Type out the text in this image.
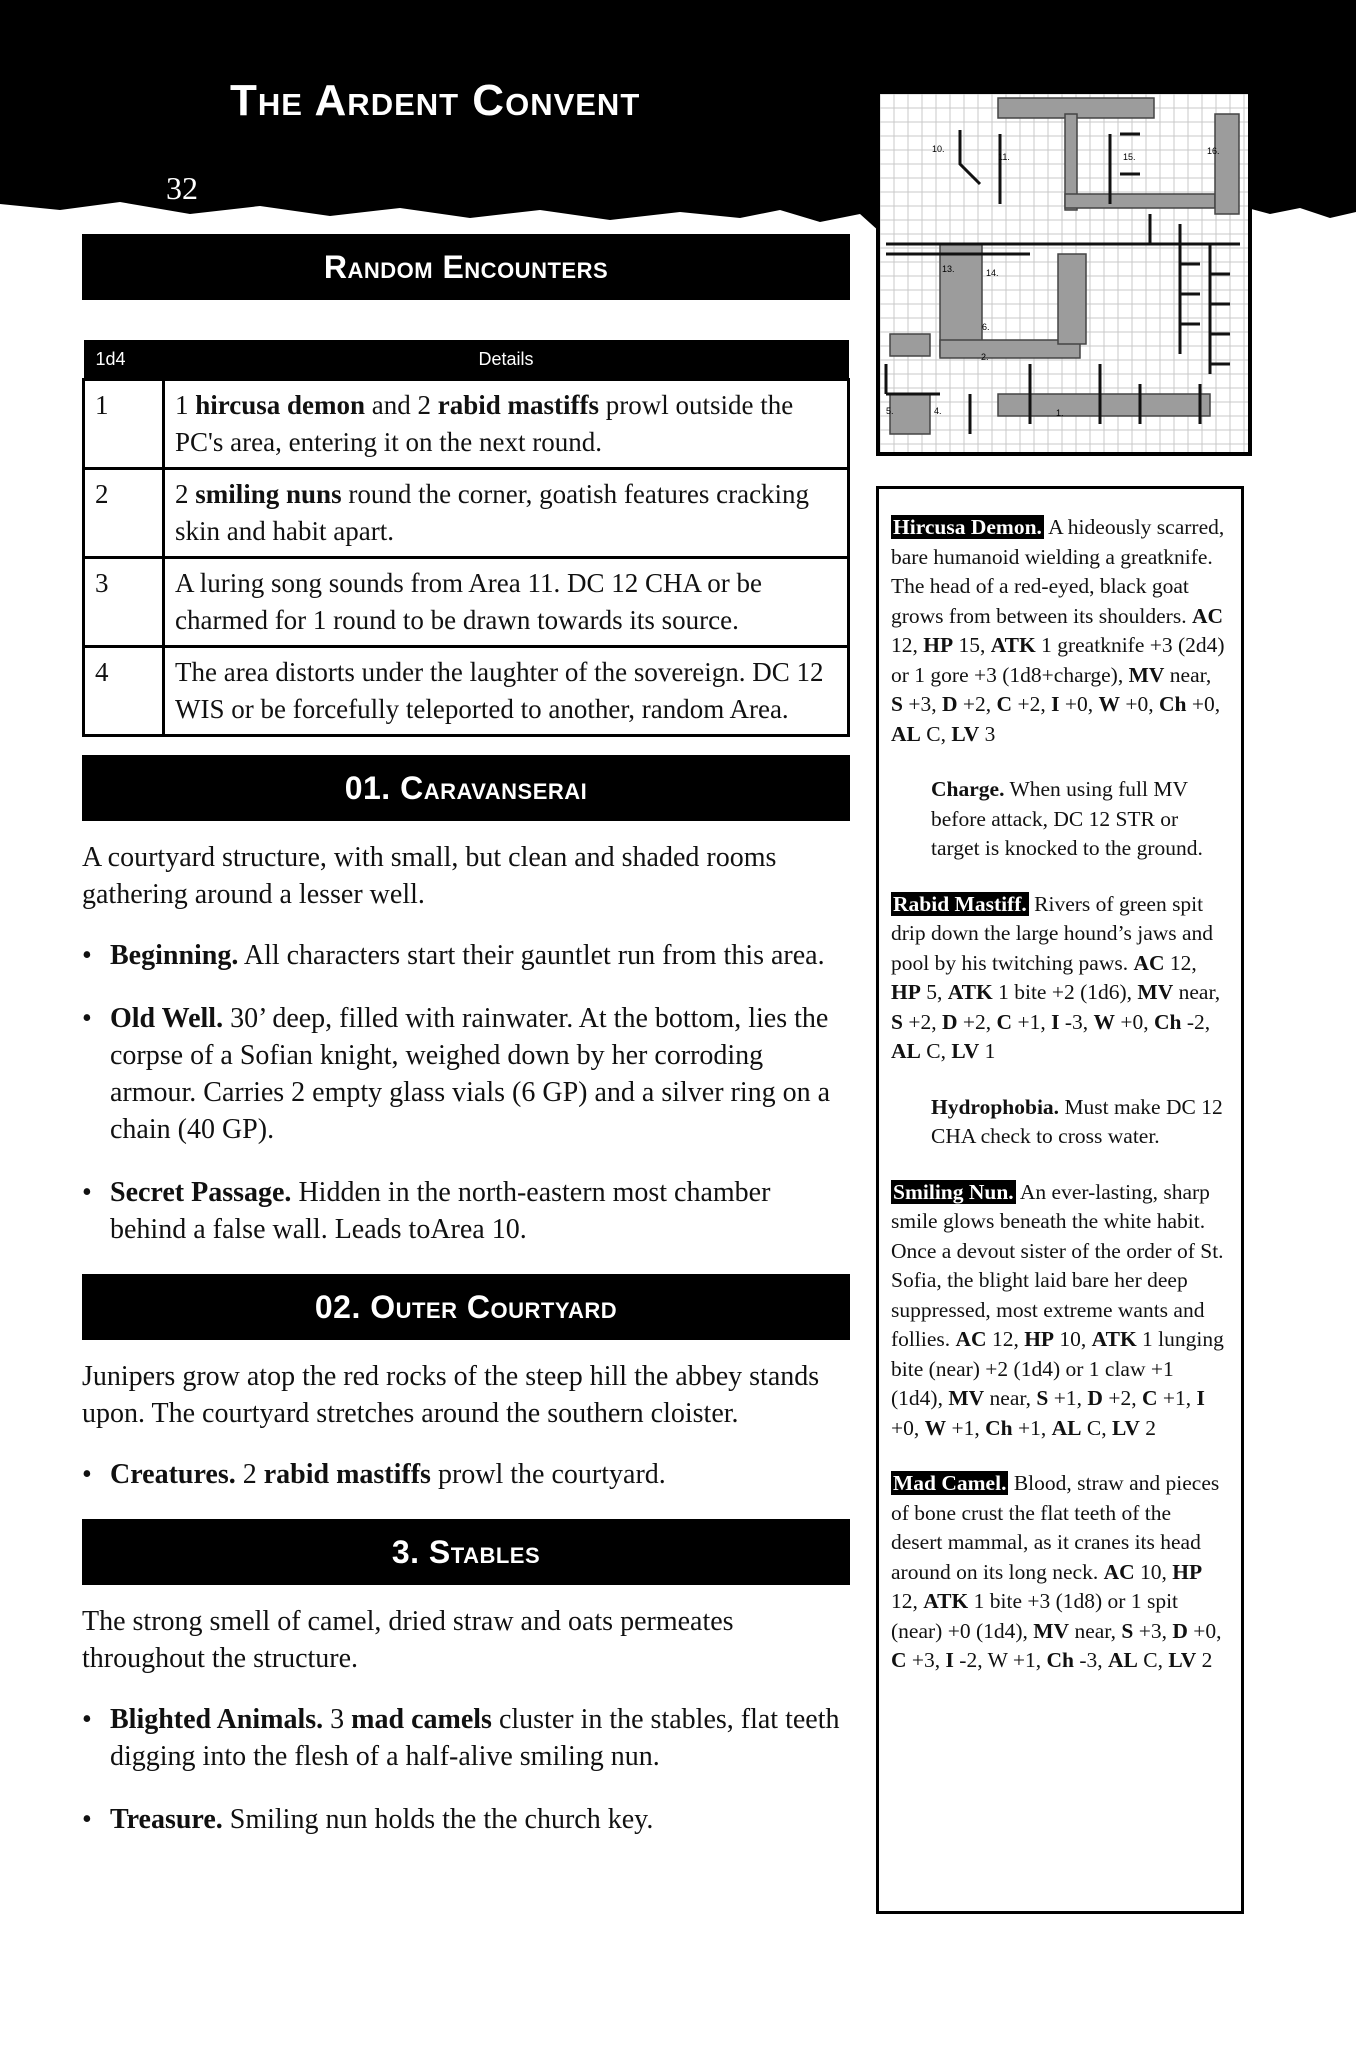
The Ardent Convent
32
10.
11.	15.
16.
13.	14.
6.
2.
4.	1.
5.
Random Encounters
1d4	Details
1	1 hircusa demon and 2 rabid mastiffs prowl outside the PC's area, entering it on the next round.
2	2 smiling nuns round the corner, goatish features cracking skin and habit apart.
3	A luring song sounds from Area 11. DC 12 CHA or be charmed for 1 round to be drawn towards its source.
4	The area distorts under the laughter of the sovereign. DC 12 WIS or be forcefully teleported to another, random Area.
01. Caravanserai

A courtyard structure, with small, but clean and shaded rooms gathering around a lesser well.

• Beginning. All characters start their gauntlet run from this area.
• Old Well. 30’ deep, filled with rainwater. At the bottom, lies the corpse of a Sofian knight, weighed down by her corroding armour. Carries 2 empty glass vials (6 GP) and a silver ring on a chain (40 GP).
• Secret Passage. Hidden in the north-eastern most chamber behind a false wall. Leads toArea 10.
02. Outer Courtyard

Junipers grow atop the red rocks of the steep hill the abbey stands upon. The courtyard stretches around the southern cloister.

• Creatures. 2 rabid mastiffs prowl the courtyard.
3. Stables

The strong smell of camel, dried straw and oats permeates throughout the structure.

• Blighted Animals. 3 mad camels cluster in the stables, flat teeth digging into the flesh of a half-alive smiling nun.
• Treasure. Smiling nun holds the the church key.
Hircusa Demon. A hideously scarred, bare humanoid wielding a greatknife. The head of a red-eyed, black goat grows from between its shoulders. AC 12, HP 15, ATK 1 greatknife +3 (2d4) or 1 gore +3 (1d8+charge), MV near, S +3, D +2, C +2, I +0, W +0, Ch +0, AL C, LV 3
Charge. When using full MV before attack, DC 12 STR or target is knocked to the ground.
Rabid Mastiff. Rivers of green spit drip down the large hound’s jaws and pool by his twitching paws. AC 12, HP 5, ATK 1 bite +2 (1d6), MV near, S +2, D +2, C +1, I -3, W +0, Ch -2, AL C, LV 1
Hydrophobia. Must make DC 12 CHA check to cross water.
Smiling Nun. An ever-lasting, sharp smile glows beneath the white habit. Once a devout sister of the order of St. Sofia, the blight laid bare her deep suppressed, most extreme wants and follies. AC 12, HP 10, ATK 1 lunging bite (near) +2 (1d4) or 1 claw +1 (1d4), MV near, S +1, D +2, C +1, I +0, W +1, Ch +1, AL C, LV 2
Mad Camel. Blood, straw and pieces of bone crust the flat teeth of the desert mammal, as it cranes its head around on its long neck. AC 10, HP 12, ATK 1 bite +3 (1d8) or 1 spit (near) +0 (1d4), MV near, S +3, D +0, C +3, I -2, W +1, Ch -3, AL C, LV 2
